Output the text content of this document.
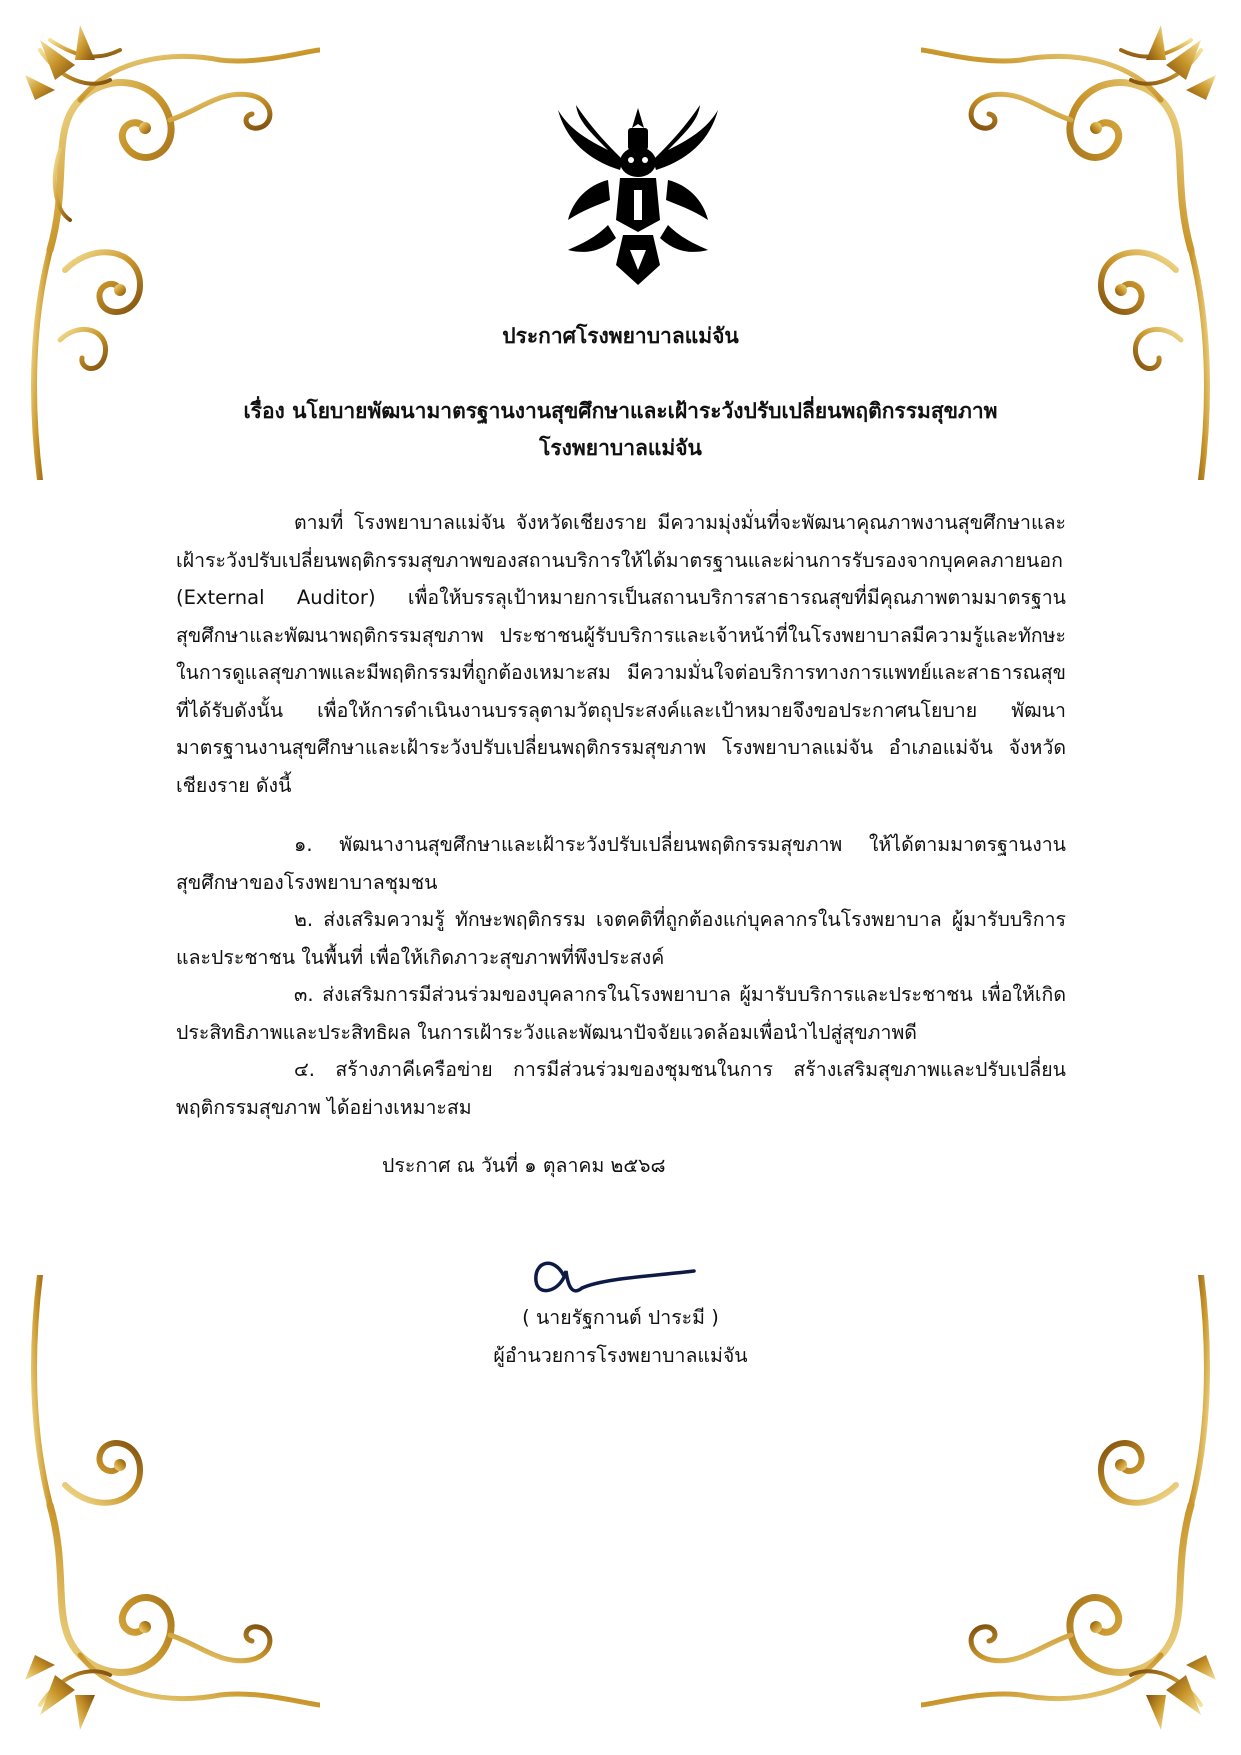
ประกาศโรงพยาบาลแม่จัน
เรื่อง นโยบายพัฒนามาตรฐานงานสุขศึกษาและเฝ้าระวังปรับเปลี่ยนพฤติกรรมสุขภาพ
โรงพยาบาลแม่จัน
ตามที่ โรงพยาบาลแม่จัน จังหวัดเชียงราย มีความมุ่งมั่นที่จะพัฒนาคุณภาพงานสุขศึกษาและเฝ้าระวังปรับเปลี่ยนพฤติกรรมสุขภาพของสถานบริการให้ได้มาตรฐานและผ่านการรับรองจากบุคคลภายนอก (External Auditor) เพื่อให้บรรลุเป้าหมายการเป็นสถานบริการสาธารณสุขที่มีคุณภาพตามมาตรฐานสุขศึกษาและพัฒนาพฤติกรรมสุขภาพ ประชาชนผู้รับบริการและเจ้าหน้าที่ในโรงพยาบาลมีความรู้และทักษะในการดูแลสุขภาพและมีพฤติกรรมที่ถูกต้องเหมาะสม มีความมั่นใจต่อบริการทางการแพทย์และสาธารณสุขที่ได้รับดังนั้น เพื่อให้การดำเนินงานบรรลุตามวัตถุประสงค์และเป้าหมายจึงขอประกาศนโยบาย พัฒนามาตรฐานงานสุขศึกษาและเฝ้าระวังปรับเปลี่ยนพฤติกรรมสุขภาพ โรงพยาบาลแม่จัน อำเภอแม่จัน จังหวัดเชียงราย ดังนี้

๑. พัฒนางานสุขศึกษาและเฝ้าระวังปรับเปลี่ยนพฤติกรรมสุขภาพ ให้ได้ตามมาตรฐานงานสุขศึกษาของโรงพยาบาลชุมชน

๒. ส่งเสริมความรู้ ทักษะพฤติกรรม เจตคติที่ถูกต้องแก่บุคลากรในโรงพยาบาล ผู้มารับบริการและประชาชน ในพื้นที่ เพื่อให้เกิดภาวะสุขภาพที่พึงประสงค์

๓. ส่งเสริมการมีส่วนร่วมของบุคลากรในโรงพยาบาล ผู้มารับบริการและประชาชน เพื่อให้เกิดประสิทธิภาพและประสิทธิผล ในการเฝ้าระวังและพัฒนาปัจจัยแวดล้อมเพื่อนำไปสู่สุขภาพดี

๔. สร้างภาคีเครือข่าย การมีส่วนร่วมของชุมชนในการ สร้างเสริมสุขภาพและปรับเปลี่ยนพฤติกรรมสุขภาพ ได้อย่างเหมาะสม

ประกาศ ณ วันที่ ๑ ตุลาคม ๒๕๖๘
( นายรัฐกานต์ ปาระมี )
ผู้อำนวยการโรงพยาบาลแม่จัน
